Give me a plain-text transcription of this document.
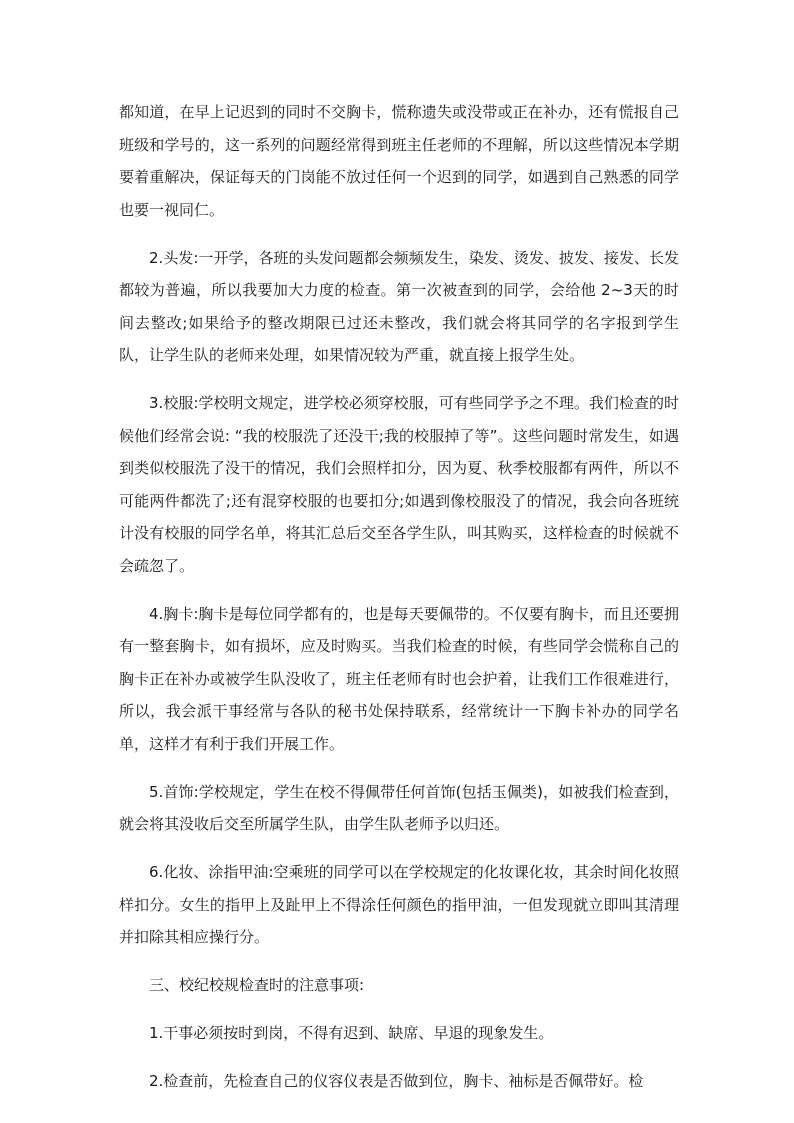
都知道，在早上记迟到的同时不交胸卡，慌称遗失或没带或正在补办，还有慌报自己班级和学号的，这一系列的问题经常得到班主任老师的不理解，所以这些情况本学期要着重解决，保证每天的门岗能不放过任何一个迟到的同学，如遇到自己熟悉的同学也要一视同仁。

2.头发:一开学，各班的头发问题都会频频发生，染发、烫发、披发、接发、长发都较为普遍，所以我要加大力度的检查。第一次被查到的同学，会给他 2~3天的时间去整改;如果给予的整改期限已过还未整改，我们就会将其同学的名字报到学生队，让学生队的老师来处理，如果情况较为严重，就直接上报学生处。

3.校服:学校明文规定，进学校必须穿校服，可有些同学予之不理。我们检查的时候他们经常会说: “我的校服洗了还没干;我的校服掉了等”。这些问题时常发生，如遇到类似校服洗了没干的情况，我们会照样扣分，因为夏、秋季校服都有两件，所以不可能两件都洗了;还有混穿校服的也要扣分;如遇到像校服没了的情况，我会向各班统计没有校服的同学名单，将其汇总后交至各学生队，叫其购买，这样检查的时候就不会疏忽了。

4.胸卡:胸卡是每位同学都有的，也是每天要佩带的。不仅要有胸卡，而且还要拥有一整套胸卡，如有损坏，应及时购买。当我们检查的时候，有些同学会慌称自己的胸卡正在补办或被学生队没收了，班主任老师有时也会护着，让我们工作很难进行，所以，我会派干事经常与各队的秘书处保持联系，经常统计一下胸卡补办的同学名单，这样才有利于我们开展工作。

5.首饰:学校规定，学生在校不得佩带任何首饰(包括玉佩类)，如被我们检查到，就会将其没收后交至所属学生队，由学生队老师予以归还。

6.化妆、涂指甲油:空乘班的同学可以在学校规定的化妆课化妆，其余时间化妆照样扣分。女生的指甲上及趾甲上不得涂任何颜色的指甲油，一但发现就立即叫其清理并扣除其相应操行分。

三、校纪校规检查时的注意事项:

1.干事必须按时到岗，不得有迟到、缺席、早退的现象发生。

2.检查前，先检查自己的仪容仪表是否做到位，胸卡、袖标是否佩带好。检
